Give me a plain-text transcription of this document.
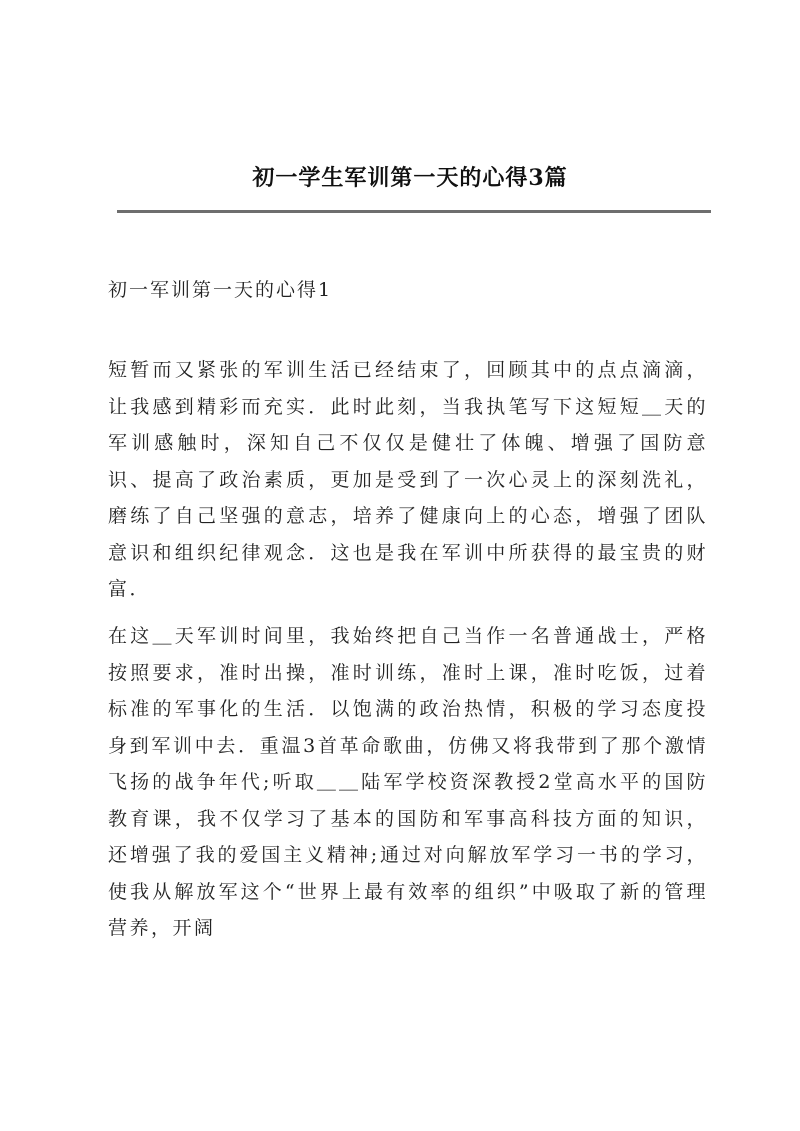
初一学生军训第一天的心得3篇
初一军训第一天的心得1

短暂而又紧张的军训生活已经结束了，回顾其中的点点滴滴，让我感到精彩而充实．此时此刻，当我执笔写下这短短＿天的军训感触时，深知自己不仅仅是健壮了体魄、增强了国防意识、提高了政治素质，更加是受到了一次心灵上的深刻洗礼，磨练了自己坚强的意志，培养了健康向上的心态，增强了团队意识和组织纪律观念．这也是我在军训中所获得的最宝贵的财富．

在这＿天军训时间里，我始终把自己当作一名普通战士，严格按照要求，准时出操，准时训练，准时上课，准时吃饭，过着标准的军事化的生活．以饱满的政治热情，积极的学习态度投身到军训中去．重温3首革命歌曲，仿佛又将我带到了那个激情飞扬的战争年代;听取＿＿陆军学校资深教授2堂高水平的国防教育课，我不仅学习了基本的国防和军事高科技方面的知识，还增强了我的爱国主义精神;通过对向解放军学习一书的学习，使我从解放军这个“世界上最有效率的组织”中吸取了新的管理营养，开阔
